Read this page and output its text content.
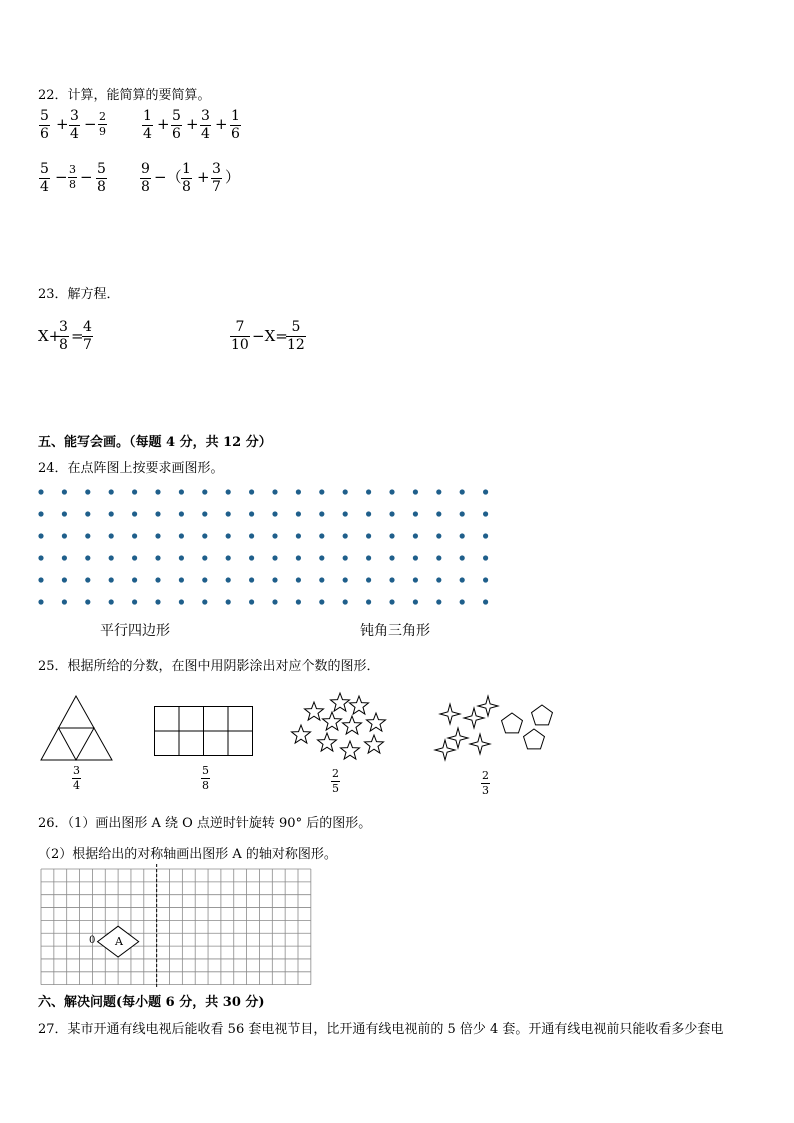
22．计算，能简算的要简算。
5
6
+ 3
4
− 2
9
1
4
+ 5
6
+ 3
4
+ 1
6
5
4
− 3
8 − 5
8
9
8
−（ 1
8
+ 3
7
）
23．解方程．
X+
3
8 = 4
7
7
10 −X= 5
12
五、能写会画。（每题 4 分，共 12 分）
24．在点阵图上按要求画图形。
平行四边形	钝角三角形
25．根据所给的分数，在图中用阴影涂出对应个数的图形．
3
4
5
8
2
5
2
3
26．（1）画出图形 A 绕 O 点逆时针旋转 90° 后的图形。
（2）根据给出的对称轴画出图形 A 的轴对称图形。
0 A
六、解决问题(每小题 6 分，共 30 分)
27．某市开通有线电视后能收看 56 套电视节目，比开通有线电视前的 5 倍少 4 套。开通有线电视前只能收看多少套电
